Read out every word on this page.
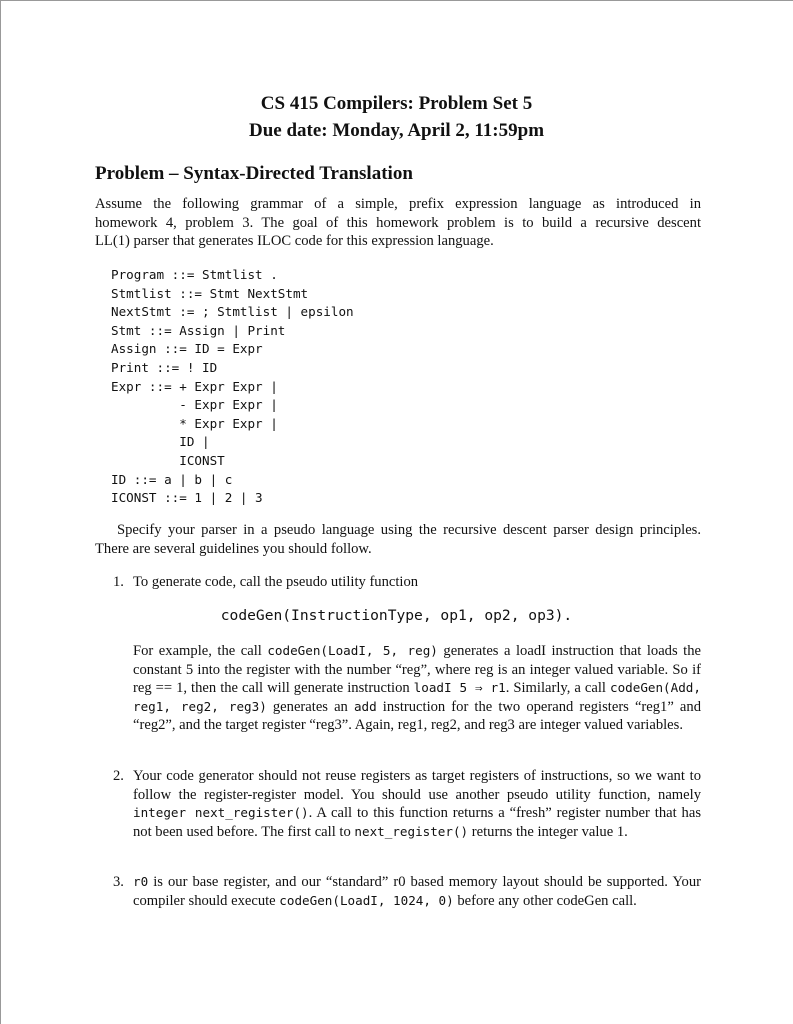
CS 415 Compilers: Problem Set 5
Due date: Monday, April 2, 11:59pm
Problem – Syntax-Directed Translation
Assume the following grammar of a simple, prefix expression language as introduced in
homework 4, problem 3. The goal of this homework problem is to build a recursive descent
LL(1) parser that generates ILOC code for this expression language.
Program ::= Stmtlist .
Stmtlist ::= Stmt NextStmt
NextStmt := ; Stmtlist | epsilon
Stmt ::= Assign | Print
Assign ::= ID = Expr
Print ::= ! ID
Expr ::= + Expr Expr |
- Expr Expr |
* Expr Expr |
ID |
ICONST
ID ::= a | b | c
ICONST ::= 1 | 2 | 3
Specify your parser in a pseudo language using the recursive descent parser design principles. There are several guidelines you should follow.
1. To generate code, call the pseudo utility function
codeGen(InstructionType, op1, op2, op3).
For example, the call codeGen(LoadI, 5, reg) generates a loadI instruction that loads the constant 5 into the register with the number “reg”, where reg is an integer valued variable. So if reg == 1, then the call will generate instruction loadI 5 ⇒ r1. Similarly, a call codeGen(Add, reg1, reg2, reg3) generates an add instruction for the two operand registers “reg1” and “reg2”, and the target register “reg3”. Again, reg1, reg2, and reg3 are integer valued variables.
2. Your code generator should not reuse registers as target registers of instructions, so we want to follow the register-register model. You should use another pseudo utility function, namely integer next_register(). A call to this function returns a “fresh” register number that has not been used before. The first call to next_register() returns the integer value 1.
3. r0 is our base register, and our “standard” r0 based memory layout should be supported. Your compiler should execute codeGen(LoadI, 1024, 0) before any other codeGen call.
